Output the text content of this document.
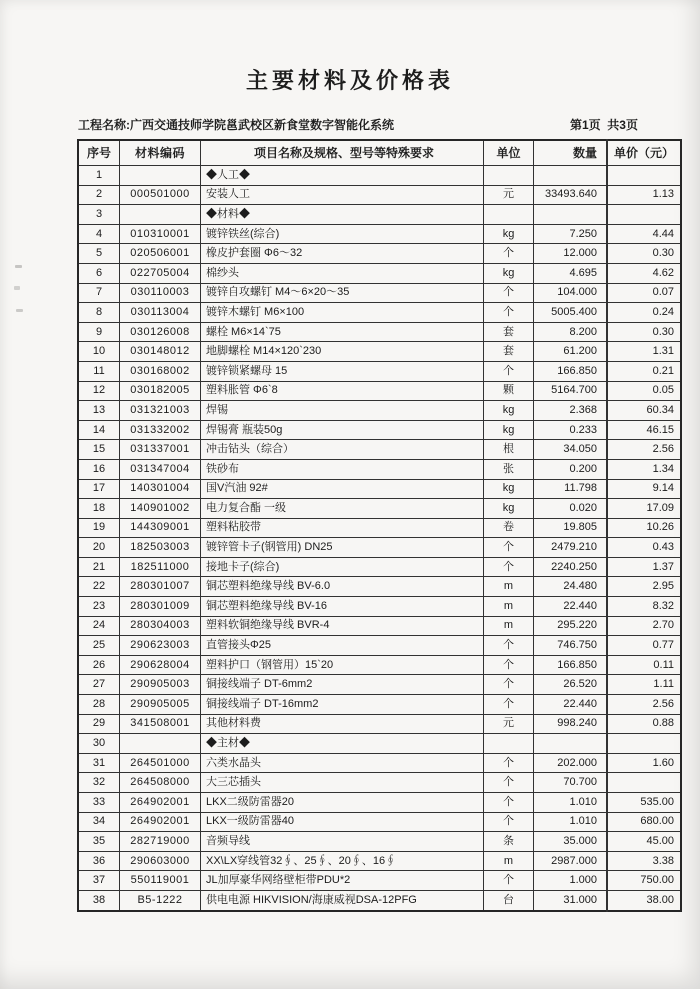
主要材料及价格表
工程名称:广西交通技师学院邕武校区新食堂数字智能化系统	第1页  共3页
序号	材料编码	项目名称及规格、型号等特殊要求	单位	数量	单价（元）
1		◆人工◆			
2	000501000	安装人工	元	33493.640	1.13
3		◆材料◆			
4	010310001	镀锌铁丝(综合)	kg	7.250	4.44
5	020506001	橡皮护套圈 Φ6～32	个	12.000	0.30
6	022705004	棉纱头	kg	4.695	4.62
7	030110003	镀锌自攻螺钉 M4～6×20～35	个	104.000	0.07
8	030113004	镀锌木螺钉 M6×100	个	5005.400	0.24
9	030126008	螺栓 M6×14`75	套	8.200	0.30
10	030148012	地脚螺栓 M14×120`230	套	61.200	1.31
11	030168002	镀锌锁紧螺母 15	个	166.850	0.21
12	030182005	塑料胀管 Φ6`8	颗	5164.700	0.05
13	031321003	焊锡	kg	2.368	60.34
14	031332002	焊锡膏 瓶装50g	kg	0.233	46.15
15	031337001	冲击钻头（综合）	根	34.050	2.56
16	031347004	铁砂布	张	0.200	1.34
17	140301004	国V汽油 92#	kg	11.798	9.14
18	140901002	电力复合酯 一级	kg	0.020	17.09
19	144309001	塑料粘胶带	卷	19.805	10.26
20	182503003	镀锌管卡子(钢管用) DN25	个	2479.210	0.43
21	182511000	接地卡子(综合)	个	2240.250	1.37
22	280301007	铜芯塑料绝缘导线 BV-6.0	m	24.480	2.95
23	280301009	铜芯塑料绝缘导线 BV-16	m	22.440	8.32
24	280304003	塑料软铜绝缘导线 BVR-4	m	295.220	2.70
25	290623003	直管接头Φ25	个	746.750	0.77
26	290628004	塑料护口（钢管用）15`20	个	166.850	0.11
27	290905003	铜接线端子 DT-6mm2	个	26.520	1.11
28	290905005	铜接线端子 DT-16mm2	个	22.440	2.56
29	341508001	其他材料费	元	998.240	0.88
30		◆主材◆			
31	264501000	六类水晶头	个	202.000	1.60
32	264508000	大三芯插头	个	70.700	
33	264902001	LKX二级防雷器20	个	1.010	535.00
34	264902001	LKX一级防雷器40	个	1.010	680.00
35	282719000	音频导线	条	35.000	45.00
36	290603000	XX\LX穿线管32∮、25∮、20∮、16∮	m	2987.000	3.38
37	550119001	JL加厚豪华网络壁柜带PDU*2	个	1.000	750.00
38	B5-1222	供电电源 HIKVISION/海康威视DSA-12PFG	台	31.000	38.00
